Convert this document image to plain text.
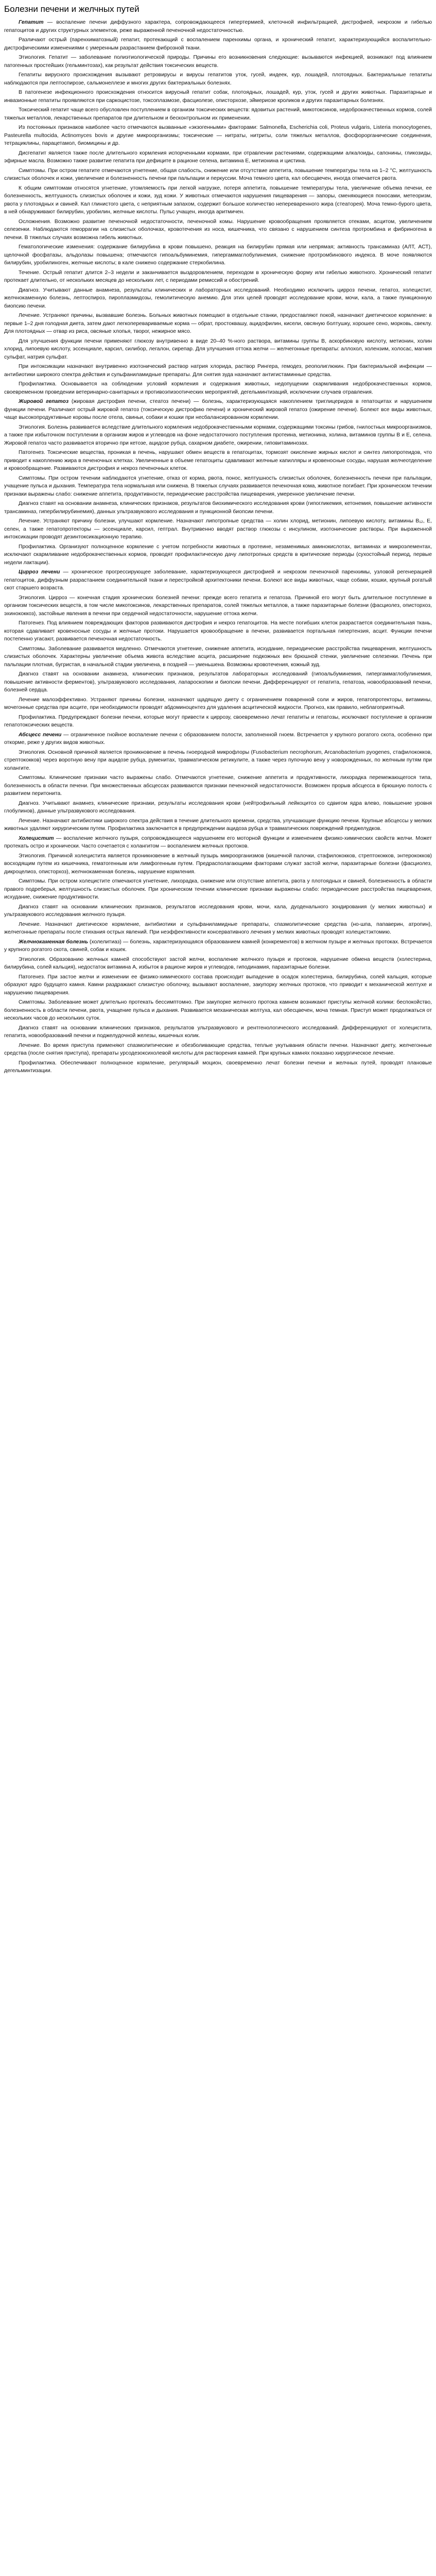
Болезни печени и желчных путей

Гепатит — воспаление печени диффузного характера, сопровождающееся гипертермией, клеточной инфильтрацией, дистрофией, некрозом и гибелью гепатоцитов и других структурных элементов, реже выраженной печеночной недостаточностью.

Различают острый (паренхиматозный) гепатит, протекающий с воспалением паренхимы органа, и хронический гепатит, характеризующийся воспалительно-дистрофическими изменениями с умеренным разрастанием фиброзной ткани.

Этиология. Гепатит — заболевание полиэтиологической природы. Причины его возникновения следующие: вызываются инфекцией, возникают под влиянием патогенных простейших (гельминтозах), как результат действия токсических веществ.

Гепатиты вирусного происхождения вызывают ретровирусы и вирусы гепатитов уток, гусей, индеек, кур, лошадей, плотоядных. Бактериальные гепатиты наблюдаются при лептоспирозе, сальмонеллезе и многих других бактериальных болезнях.

В патогенезе инфекционного происхождения относится вирусный гепатит собак, плотоядных, лошадей, кур, уток, гусей и других животных. Паразитарные и инвазионные гепатиты проявляются при саркоцистозе, токсоплазмозе, фасциолезе, описторхозе, эймериозе кроликов и других паразитарных болезнях.

Токсический гепатит чаще всего обусловлен поступлением в организм токсических веществ: ядовитых растений, микотоксинов, недоброкачественных кормов, солей тяжелых металлов, лекарственных препаратов при длительном и бесконтрольном их применении.

Из постоянных признаков наиболее часто отмечаются вызванные «экзогенными» факторами: Salmonella, Escherichia coli, Proteus vulgaris, Listeria monocytogenes, Pasteurella multocida, Actinomyces bovis и другие микроорганизмы; токсические — нитраты, нитриты, соли тяжелых металлов, фосфорорганические соединения, тетрациклины, парацетамол, биомицины и др.

Дисгепатит является также после длительного кормления испорченными кормами, при отравлении растениями, содержащими алкалоиды, сапонины, гликозиды, эфирные масла. Возможно также развитие гепатита при дефиците в рационе селена, витамина E, метионина и цистина.

Симптомы. При остром гепатите отмечаются угнетение, общая слабость, снижение или отсутствие аппетита, повышение температуры тела на 1–2 °C, желтушность слизистых оболочек и кожи, увеличение и болезненность печени при пальпации и перкуссии. Моча темного цвета, кал обесцвечен, иногда отмечается рвота.

К общим симптомам относятся угнетение, утомляемость при легкой нагрузке, потеря аппетита, повышение температуры тела, увеличение объема печени, ее болезненность, желтушность слизистых оболочек и кожи, зуд кожи. У животных отмечаются нарушения пищеварения — запоры, сменяющиеся поносами, метеоризм, рвота у плотоядных и свиней. Кал глинистого цвета, с неприятным запахом, содержит большое количество непереваренного жира (стеаторея). Моча темно-бурого цвета, в ней обнаруживают билирубин, уробилин, желчные кислоты. Пульс учащен, иногда аритмичен.

Осложнения. Возможно развитие печеночной недостаточности, печеночной комы. Нарушение кровообращения проявляется отеками, асцитом, увеличением селезенки. Наблюдаются геморрагии на слизистых оболочках, кровотечения из носа, кишечника, что связано с нарушением синтеза протромбина и фибриногена в печени. В тяжелых случаях возможна гибель животных.

Гематологические изменения: содержание билирубина в крови повышено, реакция на билирубин прямая или непрямая; активность трансаминаз (АЛТ, АСТ), щелочной фосфатазы, альдолазы повышена; отмечаются гипоальбуминемия, гипергаммаглобулинемия, снижение протромбинового индекса. В моче появляются билирубин, уробилиноген, желчные кислоты; в кале снижено содержание стеркобилина.

Течение. Острый гепатит длится 2–3 недели и заканчивается выздоровлением, переходом в хроническую форму или гибелью животного. Хронический гепатит протекает длительно, от нескольких месяцев до нескольких лет, с периодами ремиссий и обострений.

Диагноз. Учитывают данные анамнеза, результаты клинических и лабораторных исследований. Необходимо исключить цирроз печени, гепатоз, холецистит, желчнокаменную болезнь, лептоспироз, пироплазмидозы, гемолитическую анемию. Для этих целей проводят исследование крови, мочи, кала, а также пункционную биопсию печени.

Лечение. Устраняют причины, вызвавшие болезнь. Больных животных помещают в отдельные станки, предоставляют покой, назначают диетическое кормление: в первые 1–2 дня голодная диета, затем дают легкоперевариваемые корма — обрат, простоквашу, ацидофилин, кисели, овсяную болтушку, хорошее сено, морковь, свеклу. Для плотоядных — отвар из риса, овсяные хлопья, творог, нежирное мясо.

Для улучшения функции печени применяют глюкозу внутривенно в виде 20–40 %-ного раствора, витамины группы B, аскорбиновую кислоту, метионин, холин хлорид, липоевую кислоту, эссенциале, карсил, силибор, легалон, сирепар. Для улучшения оттока желчи — желчегонные препараты: аллохол, холензим, холосас, магния сульфат, натрия сульфат.

При интоксикации назначают внутривенно изотонический раствор натрия хлорида, раствор Рингера, гемодез, реополиглюкин. При бактериальной инфекции — антибиотики широкого спектра действия и сульфаниламидные препараты. Для снятия зуда назначают антигистаминные средства.

Профилактика. Основывается на соблюдении условий кормления и содержания животных, недопущении скармливания недоброкачественных кормов, своевременном проведении ветеринарно-санитарных и противоэпизоотических мероприятий, дегельминтизаций, исключении случаев отравления.

Жировой гепатоз (жировая дистрофия печени, стеатоз печени) — болезнь, характеризующаяся накоплением триглицеридов в гепатоцитах и нарушением функции печени. Различают острый жировой гепатоз (токсическую дистрофию печени) и хронический жировой гепатоз (ожирение печени). Болеют все виды животных, чаще высокопродуктивные коровы после отела, свиньи, собаки и кошки при несбалансированном кормлении.

Этиология. Болезнь развивается вследствие длительного кормления недоброкачественными кормами, содержащими токсины грибов, гнилостных микроорганизмов, а также при избыточном поступлении в организм жиров и углеводов на фоне недостаточного поступления протеина, метионина, холина, витаминов группы B и E, селена. Жировой гепатоз часто развивается вторично при кетозе, ацидозе рубца, сахарном диабете, ожирении, гиповитаминозах.

Патогенез. Токсические вещества, проникая в печень, нарушают обмен веществ в гепатоцитах, тормозят окисление жирных кислот и синтез липопротеидов, что приводит к накоплению жира в печеночных клетках. Увеличенные в объеме гепатоциты сдавливают желчные капилляры и кровеносные сосуды, нарушая желчеотделение и кровообращение. Развиваются дистрофия и некроз печеночных клеток.

Симптомы. При остром течении наблюдаются угнетение, отказ от корма, рвота, понос, желтушность слизистых оболочек, болезненность печени при пальпации, учащение пульса и дыхания. Температура тела нормальная или снижена. В тяжелых случаях развивается печеночная кома, животное погибает. При хроническом течении признаки выражены слабо: снижение аппетита, продуктивности, периодические расстройства пищеварения, умеренное увеличение печени.

Диагноз ставят на основании анамнеза, клинических признаков, результатов биохимического исследования крови (гипогликемия, кетонемия, повышение активности трансаминаз, гипербилирубинемия), данных ультразвукового исследования и пункционной биопсии печени.

Лечение. Устраняют причину болезни, улучшают кормление. Назначают липотропные средства — холин хлорид, метионин, липоевую кислоту, витамины B₁₂, E, селен, а также гепатопротекторы — эссенциале, карсил, гептрал. Внутривенно вводят раствор глюкозы с инсулином, изотонические растворы. При выраженной интоксикации проводят дезинтоксикационную терапию.

Профилактика. Организуют полноценное кормление с учетом потребности животных в протеине, незаменимых аминокислотах, витаминах и микроэлементах, исключают скармливание недоброкачественных кормов, проводят профилактическую дачу липотропных средств в критические периоды (сухостойный период, первые недели лактации).

Цирроз печени — хроническое прогрессирующее заболевание, характеризующееся дистрофией и некрозом печеночной паренхимы, узловой регенерацией гепатоцитов, диффузным разрастанием соединительной ткани и перестройкой архитектоники печени. Болеют все виды животных, чаще собаки, кошки, крупный рогатый скот старшего возраста.

Этиология. Цирроз — конечная стадия хронических болезней печени: прежде всего гепатита и гепатоза. Причиной его могут быть длительное поступление в организм токсических веществ, в том числе микотоксинов, лекарственных препаратов, солей тяжелых металлов, а также паразитарные болезни (фасциолез, описторхоз, эхинококкоз), застойные явления в печени при сердечной недостаточности, нарушение оттока желчи.

Патогенез. Под влиянием повреждающих факторов развиваются дистрофия и некроз гепатоцитов. На месте погибших клеток разрастается соединительная ткань, которая сдавливает кровеносные сосуды и желчные протоки. Нарушается кровообращение в печени, развивается портальная гипертензия, асцит. Функции печени постепенно угасают, развивается печеночная недостаточность.

Симптомы. Заболевание развивается медленно. Отмечаются угнетение, снижение аппетита, исхудание, периодические расстройства пищеварения, желтушность слизистых оболочек. Характерны увеличение объема живота вследствие асцита, расширение подкожных вен брюшной стенки, увеличение селезенки. Печень при пальпации плотная, бугристая, в начальной стадии увеличена, в поздней — уменьшена. Возможны кровотечения, кожный зуд.

Диагноз ставят на основании анамнеза, клинических признаков, результатов лабораторных исследований (гипоальбуминемия, гипергаммаглобулинемия, повышение активности ферментов), ультразвукового исследования, лапароскопии и биопсии печени. Дифференцируют от гепатита, гепатоза, новообразований печени, болезней сердца.

Лечение малоэффективно. Устраняют причины болезни, назначают щадящую диету с ограничением поваренной соли и жиров, гепатопротекторы, витамины, мочегонные средства при асците, при необходимости проводят абдоминоцентез для удаления асцитической жидкости. Прогноз, как правило, неблагоприятный.

Профилактика. Предупреждают болезни печени, которые могут привести к циррозу, своевременно лечат гепатиты и гепатозы, исключают поступление в организм гепатотоксических веществ.

Абсцесс печени — ограниченное гнойное воспаление печени с образованием полости, заполненной гноем. Встречается у крупного рогатого скота, особенно при откорме, реже у других видов животных.

Этиология. Основной причиной является проникновение в печень гноеродной микрофлоры (Fusobacterium necrophorum, Arcanobacterium pyogenes, стафилококков, стрептококков) через воротную вену при ацидозе рубца, руменитах, травматическом ретикулите, а также через пупочную вену у новорожденных, по желчным путям при холангите.

Симптомы. Клинические признаки часто выражены слабо. Отмечаются угнетение, снижение аппетита и продуктивности, лихорадка перемежающегося типа, болезненность в области печени. При множественных абсцессах развиваются признаки печеночной недостаточности. Возможен прорыв абсцесса в брюшную полость с развитием перитонита.

Диагноз. Учитывают анамнез, клинические признаки, результаты исследования крови (нейтрофильный лейкоцитоз со сдвигом ядра влево, повышение уровня глобулинов), данные ультразвукового исследования.

Лечение. Назначают антибиотики широкого спектра действия в течение длительного времени, средства, улучшающие функцию печени. Крупные абсцессы у мелких животных удаляют хирургическим путем. Профилактика заключается в предупреждении ацидоза рубца и травматических повреждений преджелудков.

Холецистит — воспаление желчного пузыря, сопровождающееся нарушением его моторной функции и изменением физико-химических свойств желчи. Может протекать остро и хронически. Часто сочетается с холангитом — воспалением желчных протоков.

Этиология. Причиной холецистита является проникновение в желчный пузырь микроорганизмов (кишечной палочки, стафилококков, стрептококков, энтерококков) восходящим путем из кишечника, гематогенным или лимфогенным путем. Предрасполагающими факторами служат застой желчи, паразитарные болезни (фасциолез, дикроцелиоз, описторхоз), желчнокаменная болезнь, нарушение кормления.

Симптомы. При остром холецистите отмечаются угнетение, лихорадка, снижение или отсутствие аппетита, рвота у плотоядных и свиней, болезненность в области правого подреберья, желтушность слизистых оболочек. При хроническом течении клинические признаки выражены слабо: периодические расстройства пищеварения, исхудание, снижение продуктивности.

Диагноз ставят на основании клинических признаков, результатов исследования крови, мочи, кала, дуоденального зондирования (у мелких животных) и ультразвукового исследования желчного пузыря.

Лечение. Назначают диетическое кормление, антибиотики и сульфаниламидные препараты, спазмолитические средства (но-шпа, папаверин, атропин), желчегонные препараты после стихания острых явлений. При неэффективности консервативного лечения у мелких животных проводят холецистэктомию.

Желчнокаменная болезнь (холелитиаз) — болезнь, характеризующаяся образованием камней (конкрементов) в желчном пузыре и желчных протоках. Встречается у крупного рогатого скота, свиней, собак и кошек.

Этиология. Образованию желчных камней способствуют застой желчи, воспаление желчного пузыря и протоков, нарушение обмена веществ (холестерина, билирубина, солей кальция), недостаток витамина A, избыток в рационе жиров и углеводов, гиподинамия, паразитарные болезни.

Патогенез. При застое желчи и изменении ее физико-химического состава происходит выпадение в осадок холестерина, билирубина, солей кальция, которые образуют ядро будущего камня. Камни раздражают слизистую оболочку, вызывают воспаление, закупорку желчных протоков, что приводит к механической желтухе и нарушению пищеварения.

Симптомы. Заболевание может длительно протекать бессимптомно. При закупорке желчного протока камнем возникают приступы желчной колики: беспокойство, болезненность в области печени, рвота, учащение пульса и дыхания. Развивается механическая желтуха, кал обесцвечен, моча темная. Приступ может продолжаться от нескольких часов до нескольких суток.

Диагноз ставят на основании клинических признаков, результатов ультразвукового и рентгенологического исследований. Дифференцируют от холецистита, гепатита, новообразований печени и поджелудочной железы, кишечных колик.

Лечение. Во время приступа применяют спазмолитические и обезболивающие средства, теплые укутывания области печени. Назначают диету, желчегонные средства (после снятия приступа), препараты урсодезоксихолевой кислоты для растворения камней. При крупных камнях показано хирургическое лечение.

Профилактика. Обеспечивают полноценное кормление, регулярный моцион, своевременно лечат болезни печени и желчных путей, проводят плановые дегельминтизации.
